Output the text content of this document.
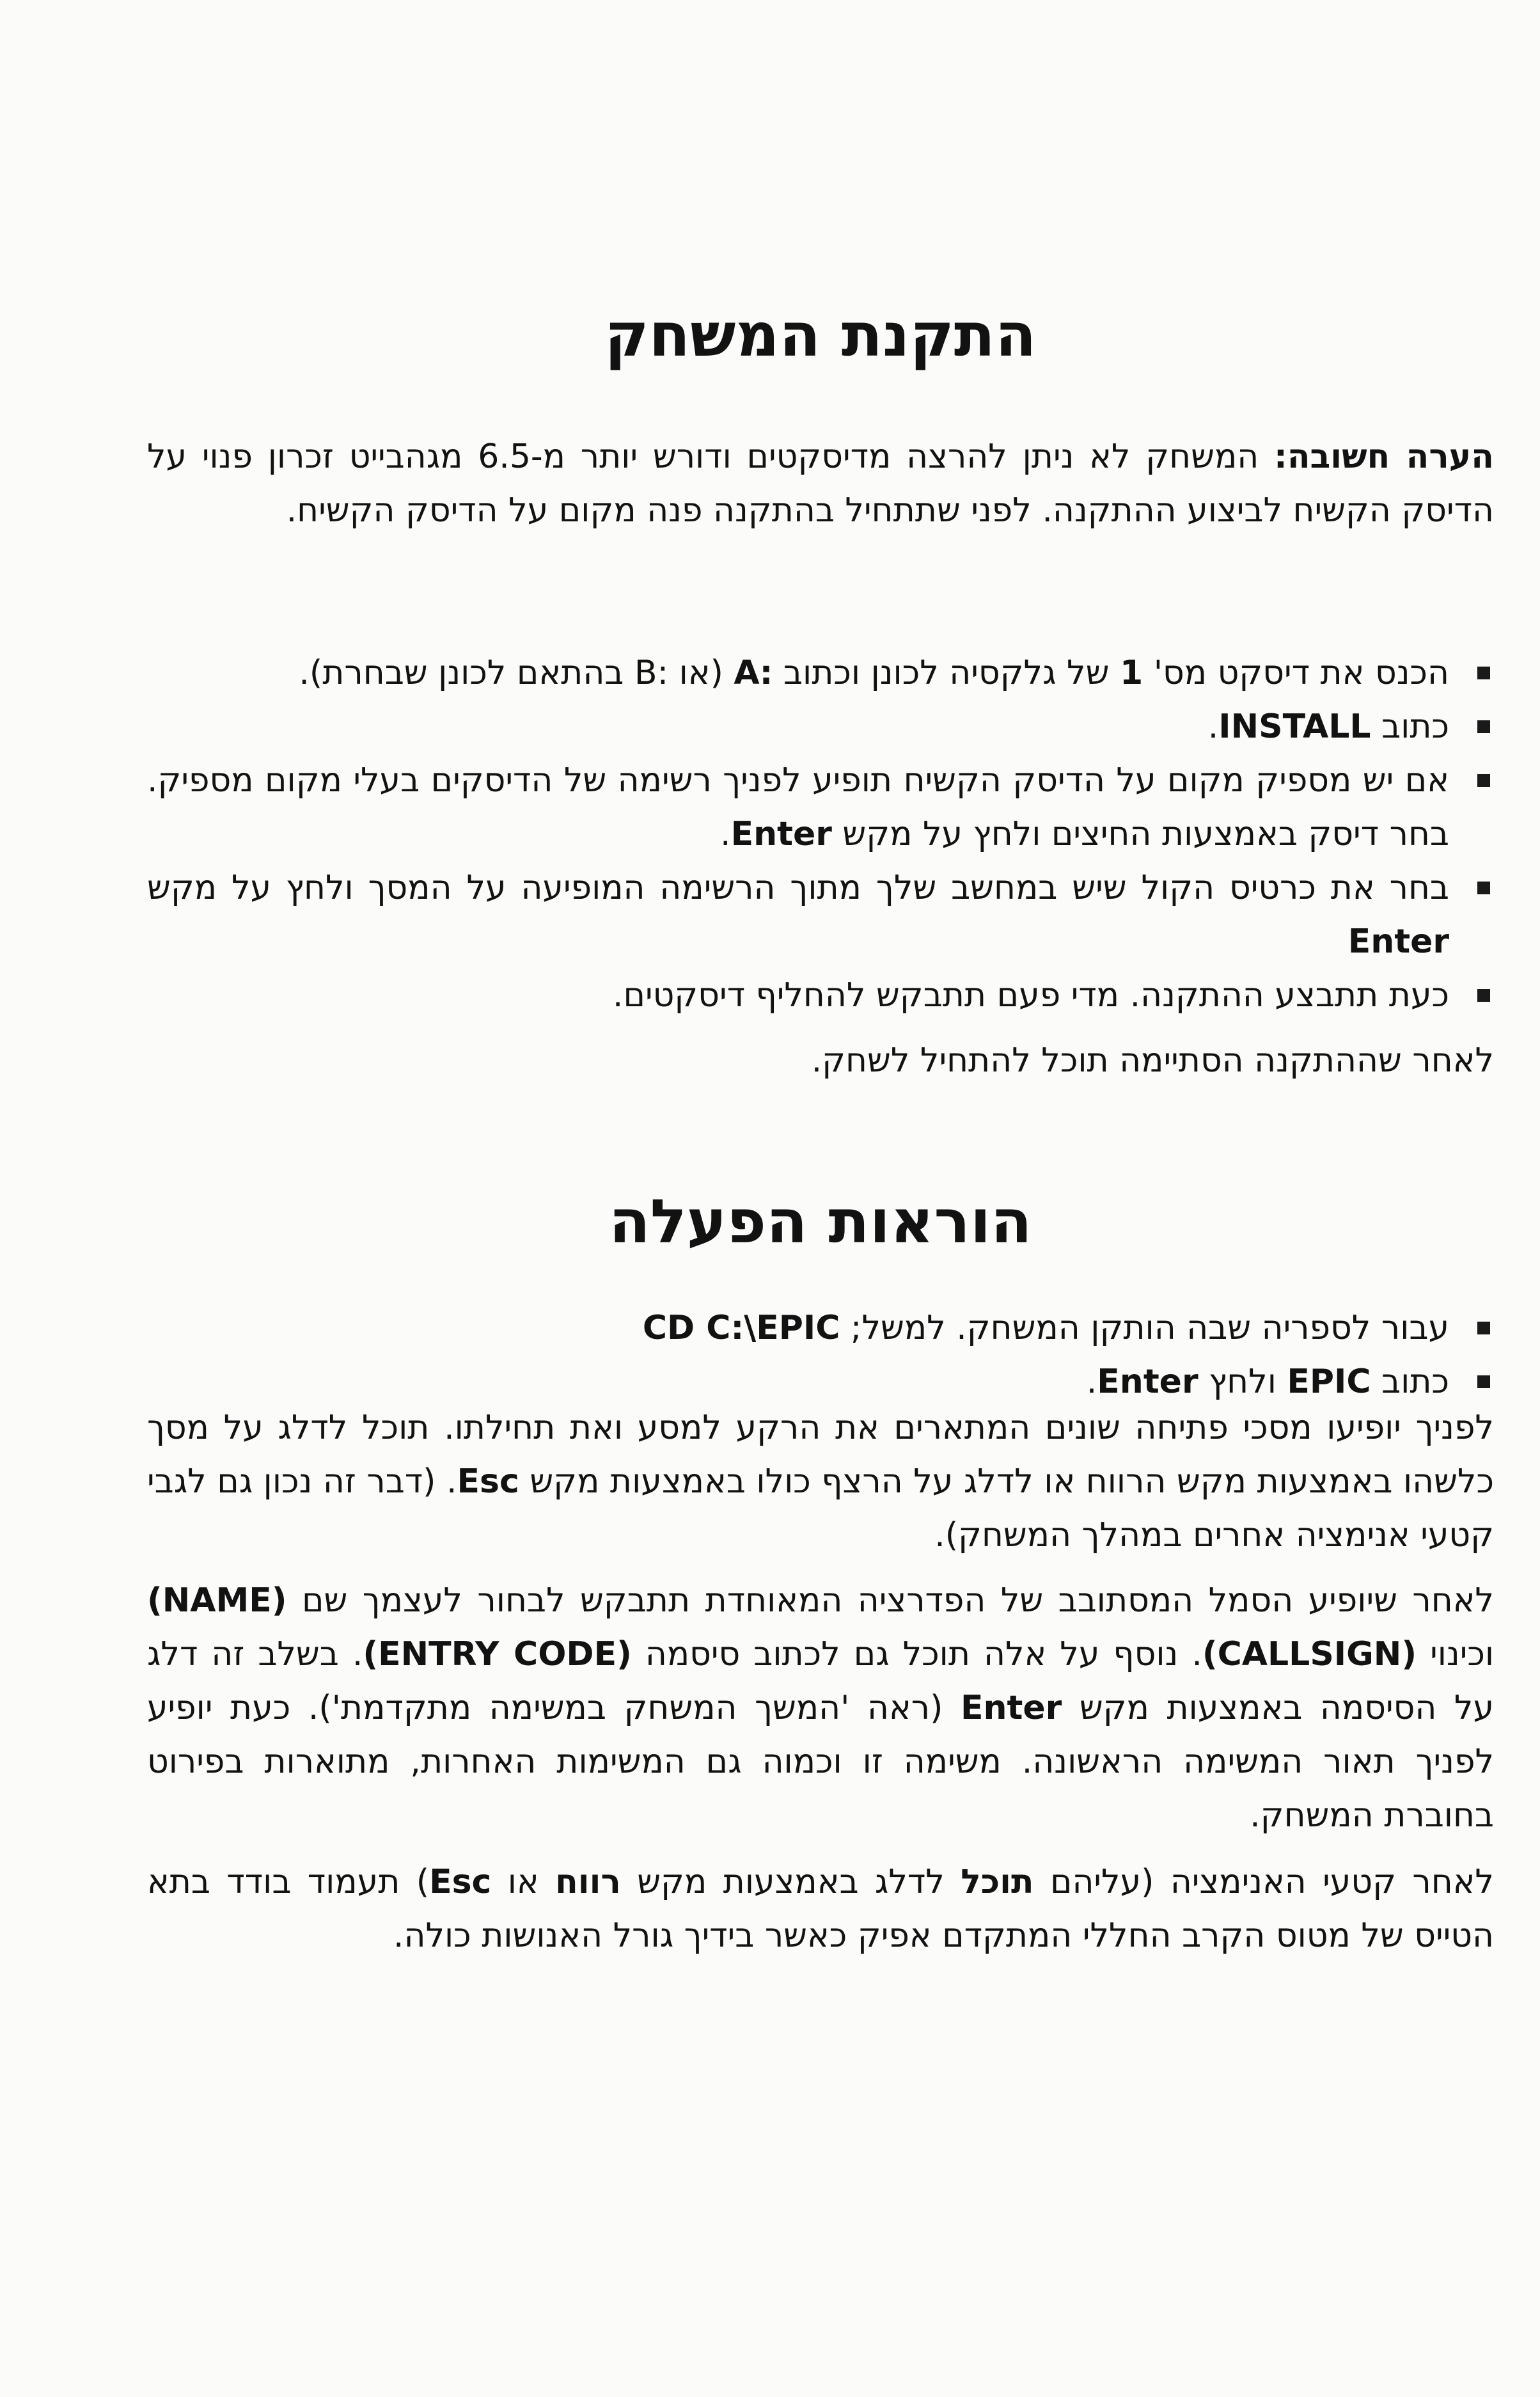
התקנת המשחק

הערה חשובה: המשחק לא ניתן להרצה מדיסקטים ודורש יותר מ-6.5 מגהבייט זכרון פנוי על הדיסק הקשיח לביצוע ההתקנה. לפני שתתחיל בהתקנה פנה מקום על הדיסק הקשיח.

הכנס את דיסקט מס' 1 של גלקסיה לכונן וכתוב :A (או :B בהתאם לכונן שבחרת).
כתוב INSTALL.
אם יש מספיק מקום על הדיסק הקשיח תופיע לפניך רשימה של הדיסקים בעלי מקום מספיק. בחר דיסק באמצעות החיצים ולחץ על מקש Enter.
בחר את כרטיס הקול שיש במחשב שלך מתוך הרשימה המופיעה על המסך ולחץ על מקש Enter
כעת תתבצע ההתקנה. מדי פעם תתבקש להחליף דיסקטים.

לאחר שההתקנה הסתיימה תוכל להתחיל לשחק.

הוראות הפעלה
עבור לספריה שבה הותקן המשחק. למשל; CD C:\EPIC
כתוב EPIC ולחץ Enter.

לפניך יופיעו מסכי פתיחה שונים המתארים את הרקע למסע ואת תחילתו. תוכל לדלג על מסך כלשהו באמצעות מקש הרווח או לדלג על הרצף כולו באמצעות מקש Esc. (דבר זה נכון גם לגבי קטעי אנימציה אחרים במהלך המשחק).

לאחר שיופיע הסמל המסתובב של הפדרציה המאוחדת תתבקש לבחור לעצמך שם (NAME) וכינוי (CALLSIGN). נוסף על אלה תוכל גם לכתוב סיסמה (ENTRY CODE). בשלב זה דלג על הסיסמה באמצעות מקש Enter (ראה 'המשך המשחק במשימה מתקדמת'). כעת יופיע לפניך תאור המשימה הראשונה. משימה זו וכמוה גם המשימות האחרות, מתוארות בפירוט בחוברת המשחק.

לאחר קטעי האנימציה (עליהם תוכל לדלג באמצעות מקש רווח או Esc) תעמוד בודד בתא הטייס של מטוס הקרב החללי המתקדם אפיק כאשר בידיך גורל האנושות כולה.
